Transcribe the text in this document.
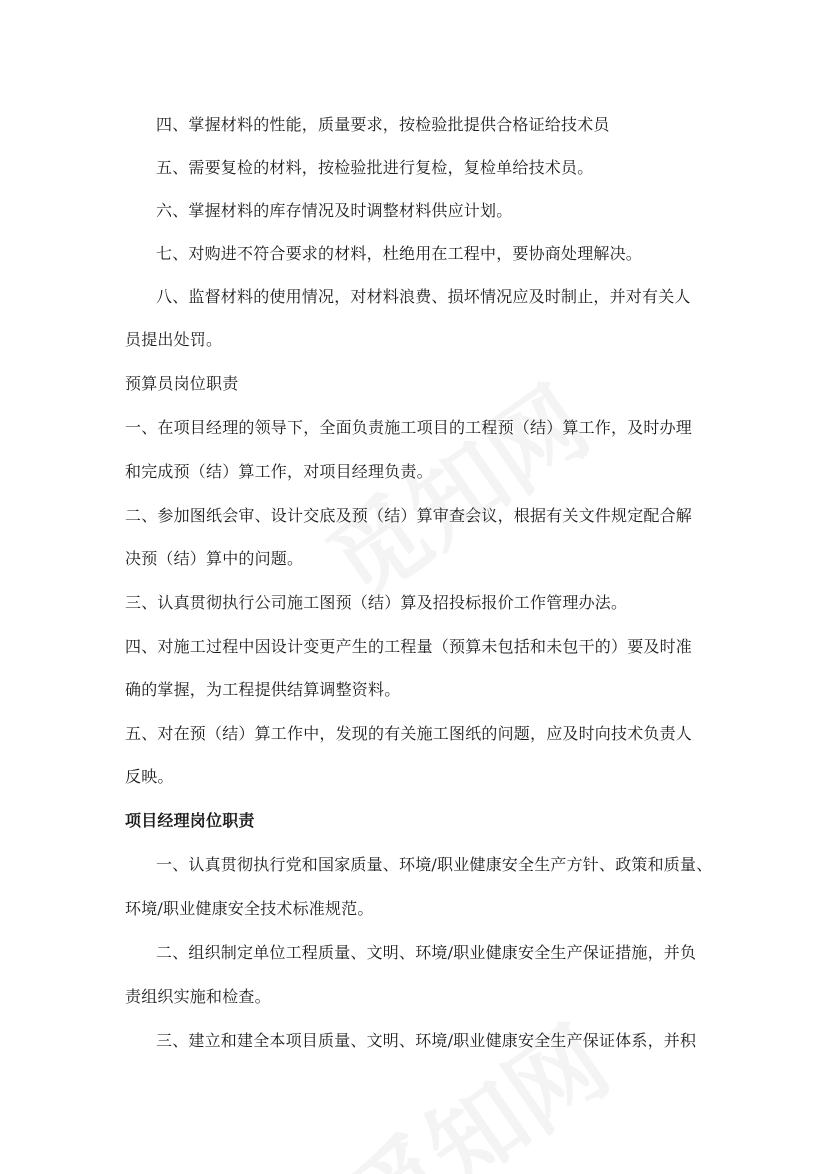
四、掌握材料的性能，质量要求，按检验批提供合格证给技术员
五、需要复检的材料，按检验批进行复检，复检单给技术员。
六、掌握材料的库存情况及时调整材料供应计划。
七、对购进不符合要求的材料，杜绝用在工程中，要协商处理解决。
八、监督材料的使用情况，对材料浪费、损坏情况应及时制止，并对有关人
员提出处罚。
预算员岗位职责
一、在项目经理的领导下，全面负责施工项目的工程预（结）算工作，及时办理
和完成预（结）算工作，对项目经理负责。
二、参加图纸会审、设计交底及预（结）算审查会议，根据有关文件规定配合解
决预（结）算中的问题。
三、认真贯彻执行公司施工图预（结）算及招投标报价工作管理办法。
四、对施工过程中因设计变更产生的工程量（预算未包括和未包干的）要及时准
确的掌握，为工程提供结算调整资料。
五、对在预（结）算工作中，发现的有关施工图纸的问题，应及时向技术负责人
反映。
项目经理岗位职责
一、认真贯彻执行党和国家质量、环境/职业健康安全生产方针、政策和质量、
环境/职业健康安全技术标准规范。
二、组织制定单位工程质量、文明、环境/职业健康安全生产保证措施，并负
责组织实施和检查。
三、建立和建全本项目质量、文明、环境/职业健康安全生产保证体系，并积
